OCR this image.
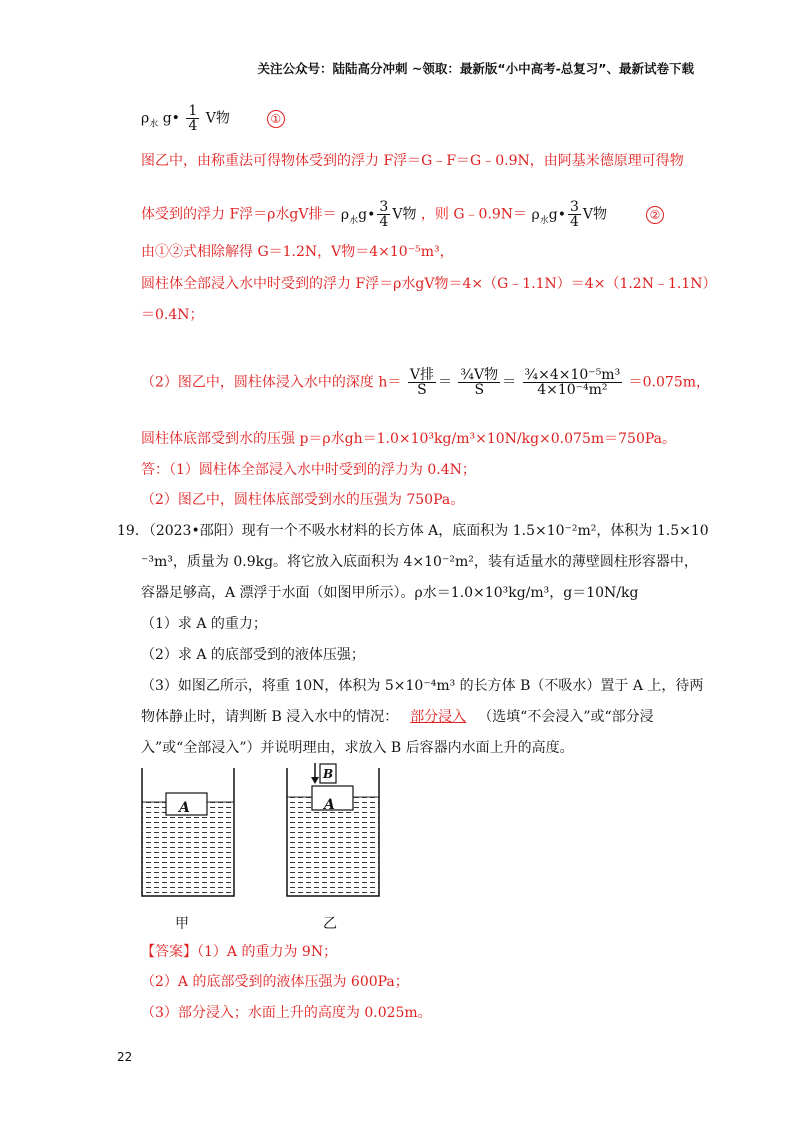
关注公众号：陆陆高分冲刺 ~领取：最新版“小中高考-总复习”、最新试卷下载
$\rho_水$ g• $\frac{1}{4}$ V物	①
图乙中，由称重法可得物体受到的浮力 F浮＝G﹣F＝G﹣0.9N，由阿基米德原理可得物
体受到的浮力 F浮＝ρ水gV排＝ $\rho_水g• \frac{3}{4}$ V物 ，则 G﹣0.9N＝ $\rho_水g• \frac{3}{4}$ V物	②
由①②式相除解得 G＝1.2N，V物＝4×10⁻⁵m³，
圆柱体全部浸入水中时受到的浮力 F浮＝ρ水gV物＝4×（G﹣1.1N）＝4×（1.2N﹣1.1N）
＝0.4N；
（2）图乙中，圆柱体浸入水中的深度 $h= \frac{\text{V排}}{S} = \frac{\text{¾V物}}{S} = \frac{\text{¾×4×10⁻⁵m³}}{\text{4×10⁻⁴m²}} =0.075m$，
圆柱体底部受到水的压强 p＝ρ水gh＝1.0×10³kg/m³×10N/kg×0.075m＝750Pa。
答：（1）圆柱体全部浸入水中时受到的浮力为 0.4N；
（2）图乙中，圆柱体底部受到水的压强为 750Pa。
19．（2023•邵阳）现有一个不吸水材料的长方体 A，底面积为 1.5×10⁻²m²，体积为 1.5×10
⁻³m³，质量为 0.9kg。将它放入底面积为 4×10⁻²m²，装有适量水的薄壁圆柱形容器中，
容器足够高，A 漂浮于水面（如图甲所示）。ρ水＝1.0×10³kg/m³，g＝10N/kg
（1）求 A 的重力；
（2）求 A 的底部受到的液体压强；
（3）如图乙所示，将重 10N，体积为 5×10⁻⁴m³ 的长方体 B（不吸水）置于 A 上，待两
物体静止时，请判断 B 浸入水中的情况： 部分浸入 （选填“不会浸入”或“部分浸
入”或“全部浸入”）并说明理由，求放入 B 后容器内水面上升的高度。
A	A
B
甲	乙
【答案】（1）A 的重力为 9N；
（2）A 的底部受到的液体压强为 600Pa；
（3）部分浸入；水面上升的高度为 0.025m。
22
